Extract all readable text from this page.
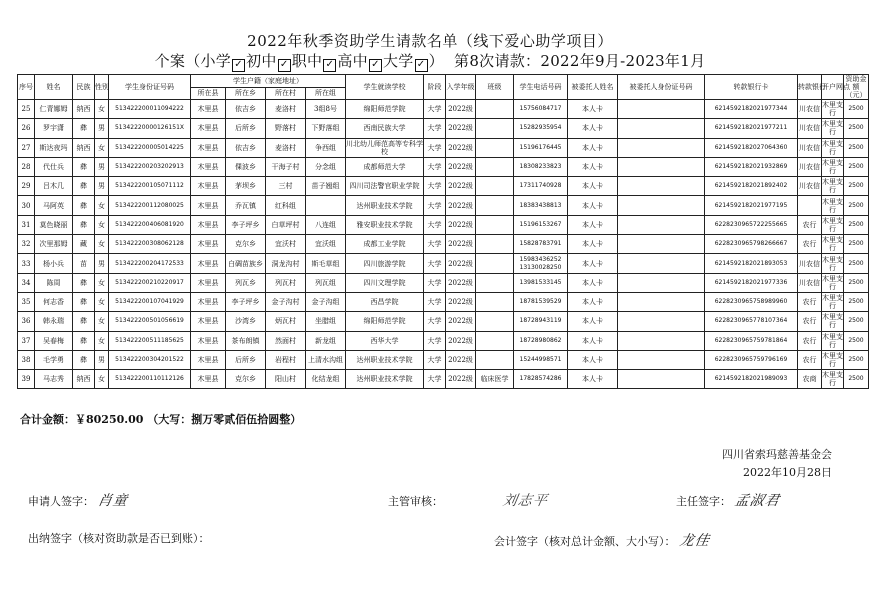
2022年秋季资助学生请款名单（线下爱心助学项目）
个案（小学 ✓ 初中 ✓ 职中 ✓ 高中 ✓ 大学 ✓ ） 第8次请款：2022年9月-2023年1月
序号	姓名	民族	性别	学生身份证号码	学生户籍（家庭地址）				学生就读学校	阶段	入学年级	班级	学生电话号码	被委托人姓名	被委托人身份证号码	转款银行卡	转款银行	开户网点	资助金额（元）
					所在县	所在乡	所在村	所在组											
25	仁青娜姆	纳西	女	513422200011094222	木里县	依吉乡	麦洛村	3组8号	绵阳师范学院	大学	2022级		15756084717	本人卡		6214592182021977344	川农信	木里支行	2500
26	罗宇潇	彝	男	51342220000126151X	木里县	后所乡	野落村	下野落组	西南民族大学	大学	2022级		15282935954	本人卡		6214592182021977211	川农信	木里支行	2500
27	斯达夜玛	纳西	女	513422200005014225	木里县	依吉乡	麦洛村	争西组	川北幼儿师范高等专科学校	大学	2022级		15196176445	本人卡		6214592182027064360	川农信	木里支行	2500
28	代仕兵	彝	男	513422200203202913	木里县	倮波乡	干海子村	分念组	成都师范大学	大学	2022级		18308233823	本人卡		6214592182021932869	川农信	木里支行	2500
29	吕木几	彝	男	513422200105071112	木里县	茅坝乡	三村	苗子翘组	四川司法警官职业学院	大学	2022级		17311740928	本人卡		6214592182021892402	川农信	木里支行	2500
30	马阿英	彝	女	513422200112080025	木里县	乔瓦镇	红科组		达州职业技术学院	大学	2022级		18383438813	本人卡		6214592182021977195		木里支行	2500
31	莫色晓丽	彝	女	513422200406081920	木里县	李子坪乡	白草坪村	八连组	雅安职业技术学院	大学	2022级		15196153267	本人卡		6228230965722255665	农行	木里支行	2500
32	次里那姆	藏	女	513422200308062128	木里县	克尔乡	宜沃村	宜沃组	成都工业学院	大学	2022级		15828783791	本人卡		6228230965798266667	农行	木里支行	2500
33	杨小兵	苗	男	513422200204172533	木里县	白碉苗族乡	洞龙沟村	斯毛草组	四川旅游学院	大学	2022级		15983436252 13130028250	本人卡		6214592182021893053	川农信	木里支行	2500
34	陈周	彝	女	513422200210220917	木里县	列瓦乡	列瓦村	列瓦组	四川文理学院	大学	2022级		13981533145	本人卡		6214592182021977336	川农信	木里支行	2500
35	何志香	彝	女	513422200107041929	木里县	李子坪乡	金子沟村	金子沟组	西昌学院	大学	2022级		18781539529	本人卡		6228230965758989960	农行	木里支行	2500
36	韩永瑞	彝	女	513422200501056619	木里县	沙湾乡	炳瓦村	坐腊组	绵阳师范学院	大学	2022级		18728943119	本人卡		6228230965778107364	农行	木里支行	2500
37	吴春梅	彝	女	513422200511185625	木里县	茶布朗镇	然面村	新龙组	西华大学	大学	2022级		18728980862	本人卡		6228230965759781864	农行	木里支行	2500
38	毛学勇	彝	男	513422200304201522	木里县	后所乡	岩程村	上清水沟组	达州职业技术学院	大学	2022级		15244998571	本人卡		6228230965759796169	农行	木里支行	2500
39	马志秀	纳西	女	513422200110112126	木里县	克尔乡	阳山村	化结龙组	达州职业技术学院	大学	2022级	临床医学	17828574286	本人卡		6214592182021989093	农商	木里支行	2500
合计金额：￥80250.00 （大写：捌万零贰佰伍拾圆整）
四川省索玛慈善基金会
2022年10月28日
申请人签字： 肖童	主管审核：	刘志平	主任签字： 孟淑君
出纳签字（核对资助款是否已到账）：	会计签字（核对总计金额、大小写）： 龙佳
